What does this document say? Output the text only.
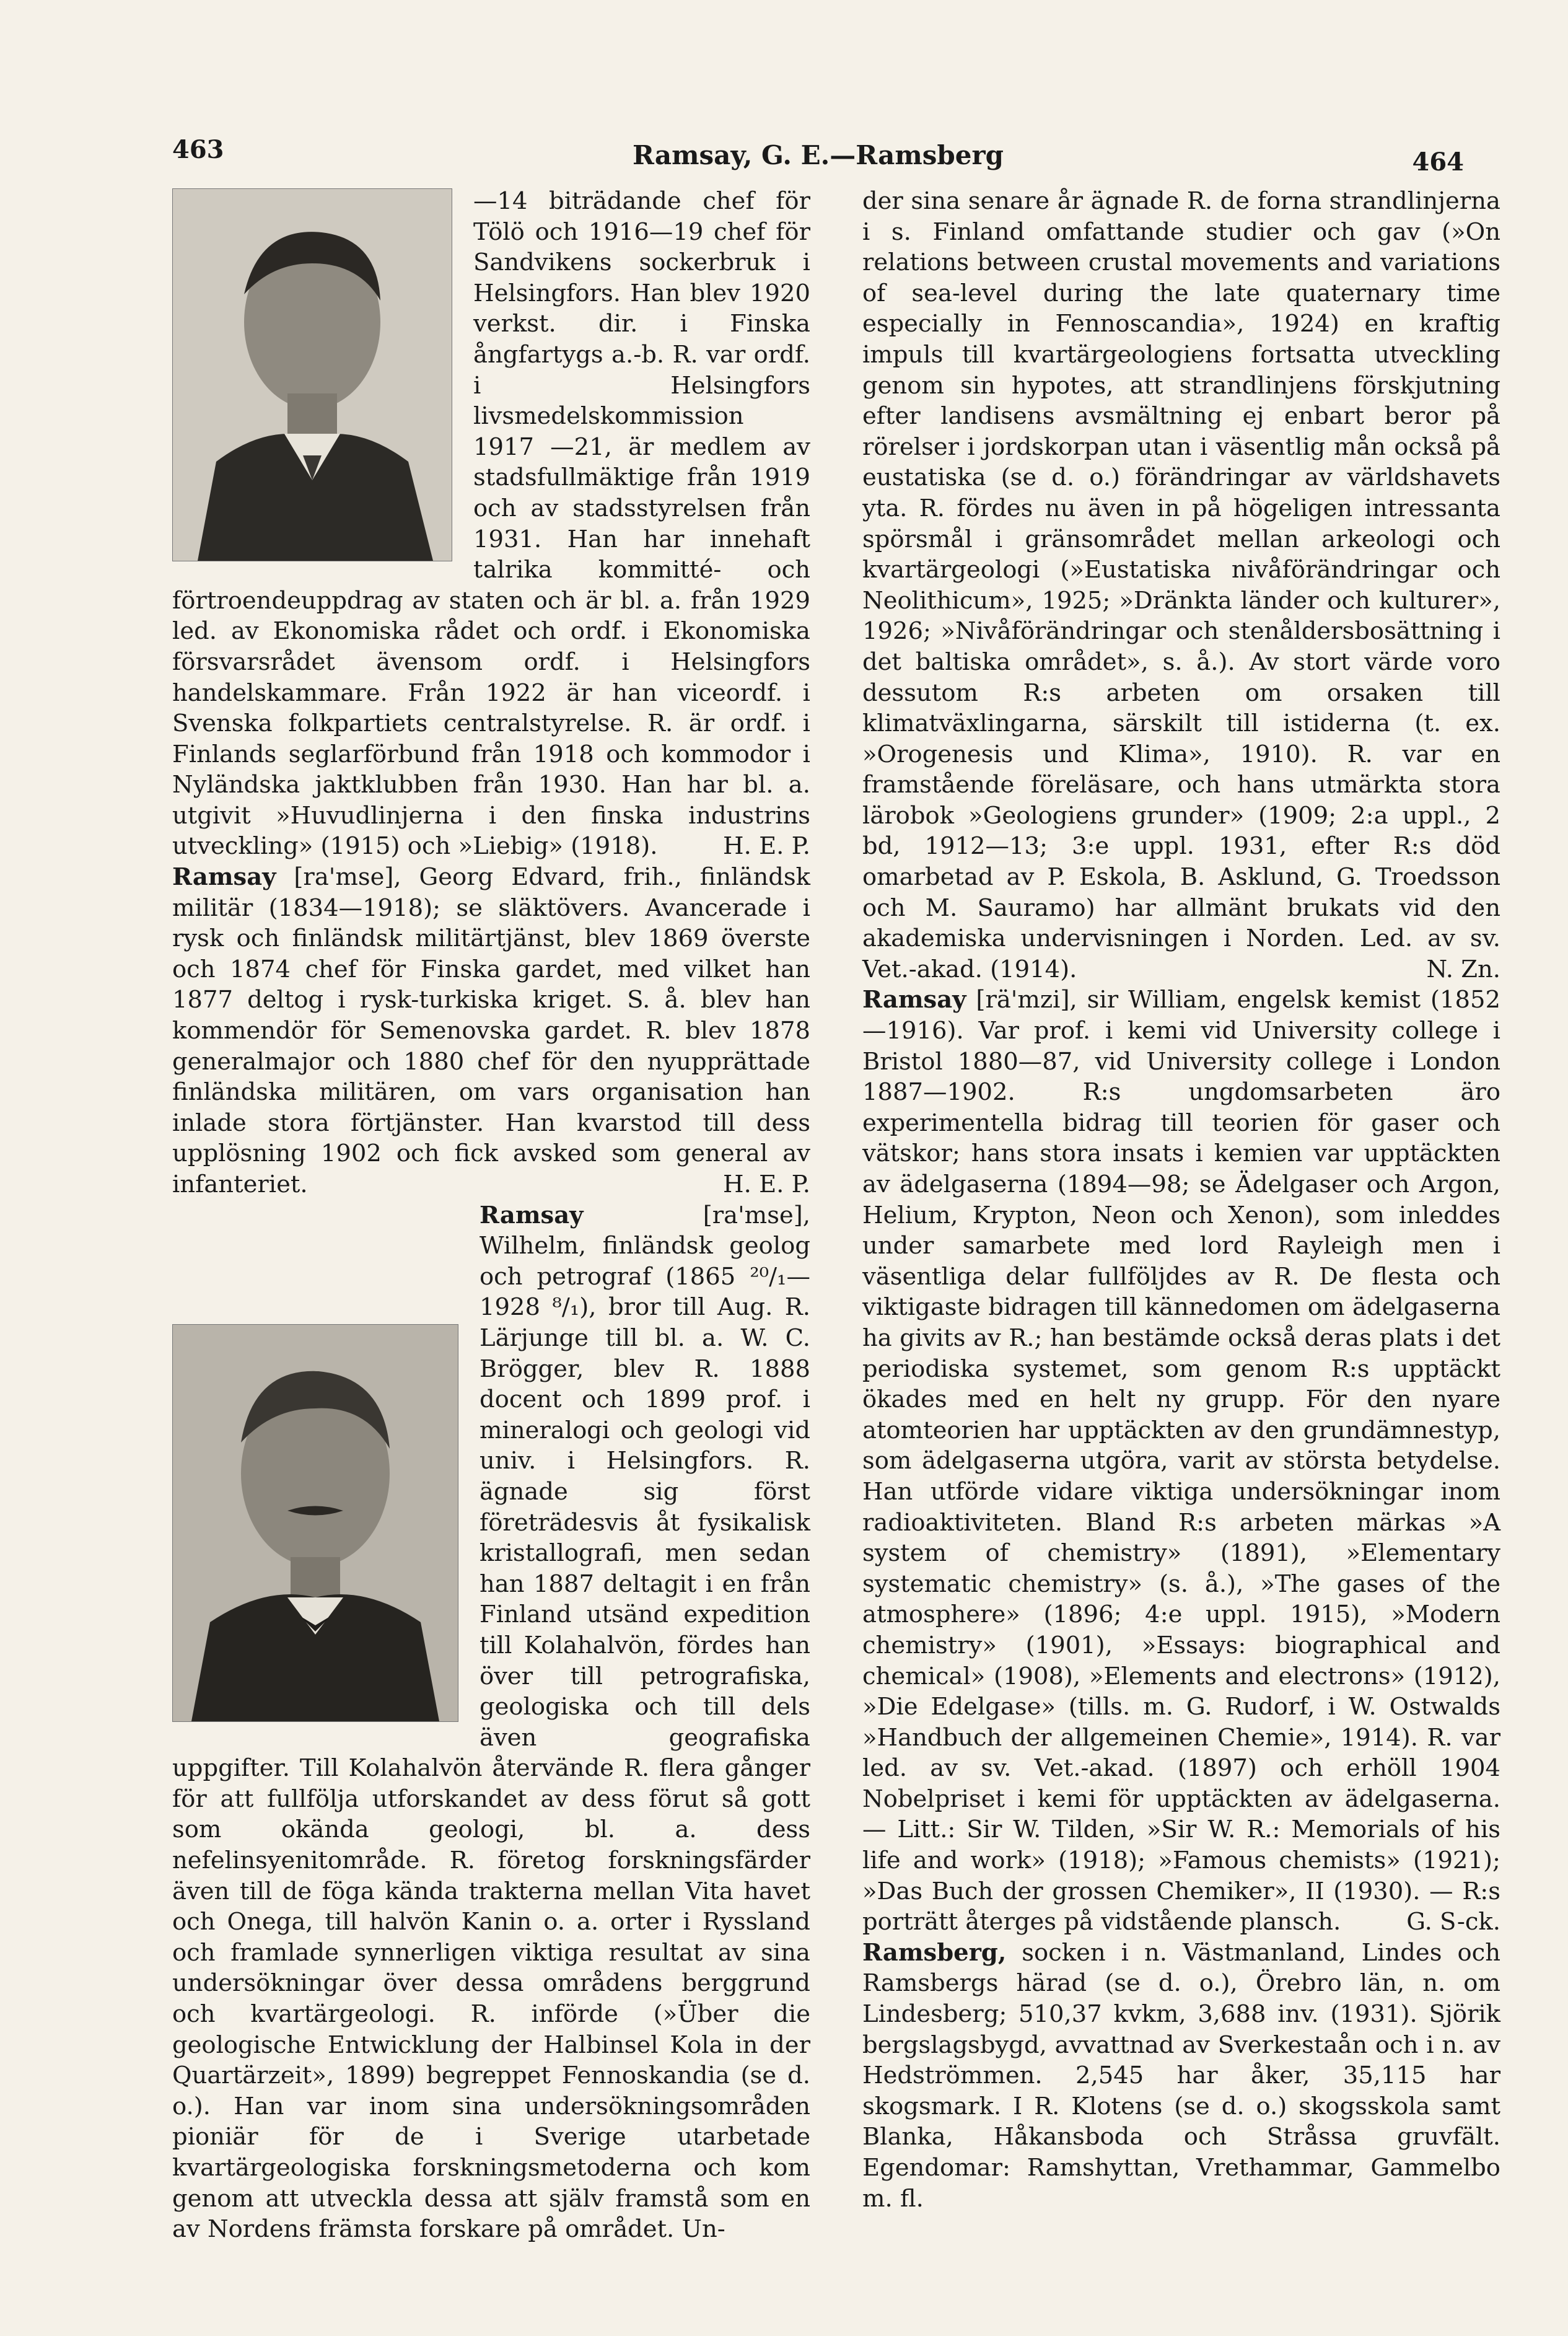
463	Ramsay, G. E.—Ramsberg	464

—14 biträdande chef för Tölö och 1916—19 chef för Sandvikens sockerbruk i Helsingfors. Han blev 1920 verkst. dir. i Finska ångfartygs a.-b. R. var ordf. i Helsingfors livsmedelskommission 1917 —21, är medlem av stadsfullmäktige från 1919 och av stadsstyrelsen från 1931. Han har innehaft talrika kommitté- och förtroendeuppdrag av staten och är bl. a. från 1929 led. av Ekonomiska rådet och ordf. i Ekonomiska försvarsrådet ävensom ordf. i Helsingfors handelskammare. Från 1922 är han viceordf. i Svenska folkpartiets centralstyrelse. R. är ordf. i Finlands seglarförbund från 1918 och kommodor i Nyländska jaktklubben från 1930. Han har bl. a. utgivit »Huvudlinjerna i den finska industrins utveckling» (1915) och »Liebig» (1918).	H. E. P.

Ramsay [ra'mse], Georg Edvard, frih., finländsk militär (1834—1918); se släktövers. Avancerade i rysk och finländsk militärtjänst, blev 1869 överste och 1874 chef för Finska gardet, med vilket han 1877 deltog i rysk-turkiska kriget. S. å. blev han kommendör för Semenovska gardet. R. blev 1878 generalmajor och 1880 chef för den nyupprättade finländska militären, om vars organisation han inlade stora förtjänster. Han kvarstod till dess upplösning 1902 och fick avsked som general av infanteriet.	H. E. P.

Ramsay [ra'mse], Wilhelm, finländsk geolog och petrograf (1865 ²⁰/₁—1928 ⁸/₁), bror till Aug. R. Lärjunge till bl. a. W. C. Brögger, blev R. 1888 docent och 1899 prof. i mineralogi och geologi vid univ. i Helsingfors. R. ägnade sig först företrädesvis åt fysikalisk kristallografi, men sedan han 1887 deltagit i en från Finland utsänd expedition till Kolahalvön, fördes han över till petrografiska, geologiska och till dels även geografiska uppgifter. Till Kolahalvön återvände R. flera gånger för att fullfölja utforskandet av dess förut så gott som okända geologi, bl. a. dess nefelinsyenitområde. R. företog forskningsfärder även till de föga kända trakterna mellan Vita havet och Onega, till halvön Kanin o. a. orter i Ryssland och framlade synnerligen viktiga resultat av sina undersökningar över dessa områdens berggrund och kvartärgeologi. R. införde (»Über die geologische Entwicklung der Halbinsel Kola in der Quartärzeit», 1899) begreppet Fennoskandia (se d. o.). Han var inom sina undersökningsområden pioniär för de i Sverige utarbetade kvartärgeologiska forskningsmetoderna och kom genom att utveckla dessa att själv framstå som en av Nordens främsta forskare på området. Un-

der sina senare år ägnade R. de forna strandlinjerna i s. Finland omfattande studier och gav (»On relations between crustal movements and variations of sea-level during the late quaternary time especially in Fennoscandia», 1924) en kraftig impuls till kvartärgeologiens fortsatta utveckling genom sin hypotes, att strandlinjens förskjutning efter landisens avsmältning ej enbart beror på rörelser i jordskorpan utan i väsentlig mån också på eustatiska (se d. o.) förändringar av världshavets yta. R. fördes nu även in på högeligen intressanta spörsmål i gränsområdet mellan arkeologi och kvartärgeologi (»Eustatiska nivåförändringar och Neolithicum», 1925; »Dränkta länder och kulturer», 1926; »Nivåförändringar och stenåldersbosättning i det baltiska området», s. å.). Av stort värde voro dessutom R:s arbeten om orsaken till klimatväxlingarna, särskilt till istiderna (t. ex. »Orogenesis und Klima», 1910). R. var en framstående föreläsare, och hans utmärkta stora lärobok »Geologiens grunder» (1909; 2:a uppl., 2 bd, 1912—13; 3:e uppl. 1931, efter R:s död omarbetad av P. Eskola, B. Asklund, G. Troedsson och M. Sauramo) har allmänt brukats vid den akademiska undervisningen i Norden. Led. av sv. Vet.-akad. (1914).	N. Zn.

Ramsay [rä'mzi], sir William, engelsk kemist (1852—1916). Var prof. i kemi vid University college i Bristol 1880—87, vid University college i London 1887—1902. R:s ungdomsarbeten äro experimentella bidrag till teorien för gaser och vätskor; hans stora insats i kemien var upptäckten av ädelgaserna (1894—98; se Ädelgaser och Argon, Helium, Krypton, Neon och Xenon), som inleddes under samarbete med lord Rayleigh men i väsentliga delar fullföljdes av R. De flesta och viktigaste bidragen till kännedomen om ädelgaserna ha givits av R.; han bestämde också deras plats i det periodiska systemet, som genom R:s upptäckt ökades med en helt ny grupp. För den nyare atomteorien har upptäckten av den grundämnestyp, som ädelgaserna utgöra, varit av största betydelse. Han utförde vidare viktiga undersökningar inom radioaktiviteten. Bland R:s arbeten märkas »A system of chemistry» (1891), »Elementary systematic chemistry» (s. å.), »The gases of the atmosphere» (1896; 4:e uppl. 1915), »Modern chemistry» (1901), »Essays: biographical and chemical» (1908), »Elements and electrons» (1912), »Die Edelgase» (tills. m. G. Rudorf, i W. Ostwalds »Handbuch der allgemeinen Chemie», 1914). R. var led. av sv. Vet.-akad. (1897) och erhöll 1904 Nobelpriset i kemi för upptäckten av ädelgaserna. — Litt.: Sir W. Tilden, »Sir W. R.: Memorials of his life and work» (1918); »Famous chemists» (1921); »Das Buch der grossen Chemiker», II (1930). — R:s porträtt återges på vidstående plansch.	G. S-ck.

Ramsberg, socken i n. Västmanland, Lindes och Ramsbergs härad (se d. o.), Örebro län, n. om Lindesberg; 510,37 kvkm, 3,688 inv. (1931). Sjörik bergslagsbygd, avvattnad av Sverkestaån och i n. av Hedströmmen. 2,545 har åker, 35,115 har skogsmark. I R. Klotens (se d. o.) skogsskola samt Blanka, Håkansboda och Stråssa gruvfält. Egendomar: Ramshyttan, Vrethammar, Gammelbo m. fl.
